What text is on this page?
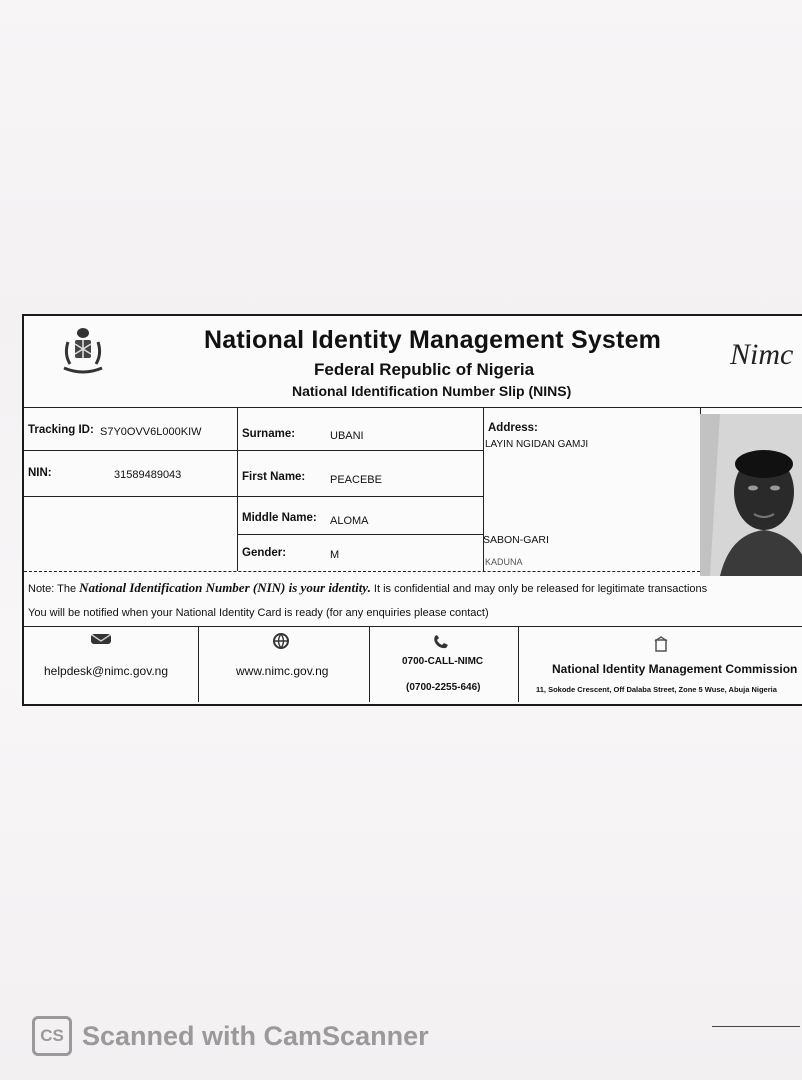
National Identity Management System
Federal Republic of Nigeria
National Identification Number Slip (NINS)
Nimc
Tracking ID: S7Y0OVV6L000KIW
NIN:	31589489043
Surname:	UBANI
First Name: PEACEBE
Middle Name: ALOMA
Gender:	M
Address:
LAYIN NGIDAN GAMJI
SABON-GARI
KADUNA
Note: The National Identification Number (NIN) is your identity. It is confidential and may only be released for legitimate transactions
You will be notified when your National Identity Card is ready (for any enquiries please contact)
helpdesk@nimc.gov.ng	www.nimc.gov.ng
0700-CALL-NIMC
(0700-2255-646)
National Identity Management Commission
11, Sokode Crescent, Off Dalaba Street, Zone 5 Wuse, Abuja Nigeria
CS Scanned with CamScanner
